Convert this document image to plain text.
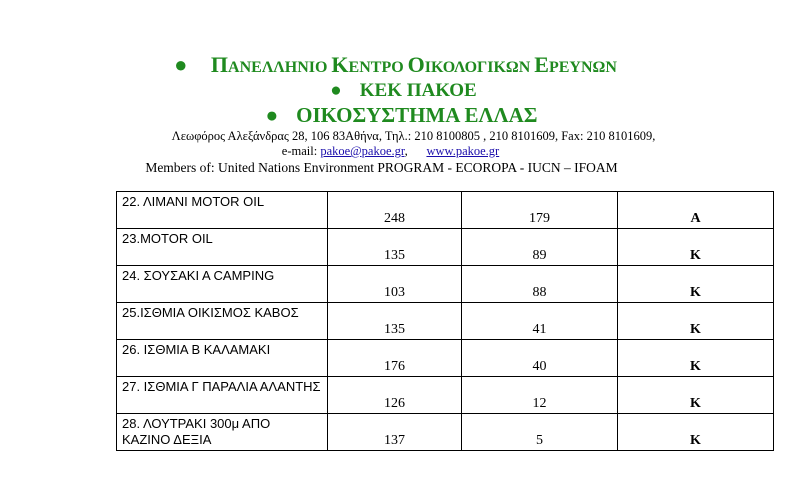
● ΠΑΝΕΛΛΗΝΙΟ ΚΕΝΤΡΟ ΟΙΚΟΛΟΓΙΚΩΝ ΕΡΕΥΝΩΝ
● ΚΕΚ ΠΑΚΟΕ
● ΟΙΚΟΣΥΣΤΗΜΑ ΕΛΛΑΣ
Λεωφόρος Αλεξάνδρας 28, 106 83Αθήνα, Τηλ.: 210 8100805 , 210 8101609, Fax: 210 8101609,
e-mail: pakoe@pakoe.gr, www.pakoe.gr
Members of: United Nations Environment PROGRAM - ECOROPA - IUCN – IFOAM
22. ΛΙΜΑΝΙ MOTOR OIL	248	179	Α

23.MOTOR OIL	135	89	Κ

24. ΣΟΥΣΑΚΙ Α CAMPING	103	88	Κ

25.ΙΣΘΜΙΑ ΟΙΚΙΣΜΟΣ ΚΑΒΟΣ	135	41	Κ

26. ΙΣΘΜΙΑ Β ΚΑΛΑΜΑΚΙ	176	40	Κ

27. ΙΣΘΜΙΑ Γ ΠΑΡΑΛΙΑ ΑΛΑΝΤΗΣ	126	12	Κ

28. ΛΟΥΤΡΑΚΙ 300μ ΑΠΟ ΚΑΖΙΝΟ ΔΕΞΙΑ	137	5	Κ
